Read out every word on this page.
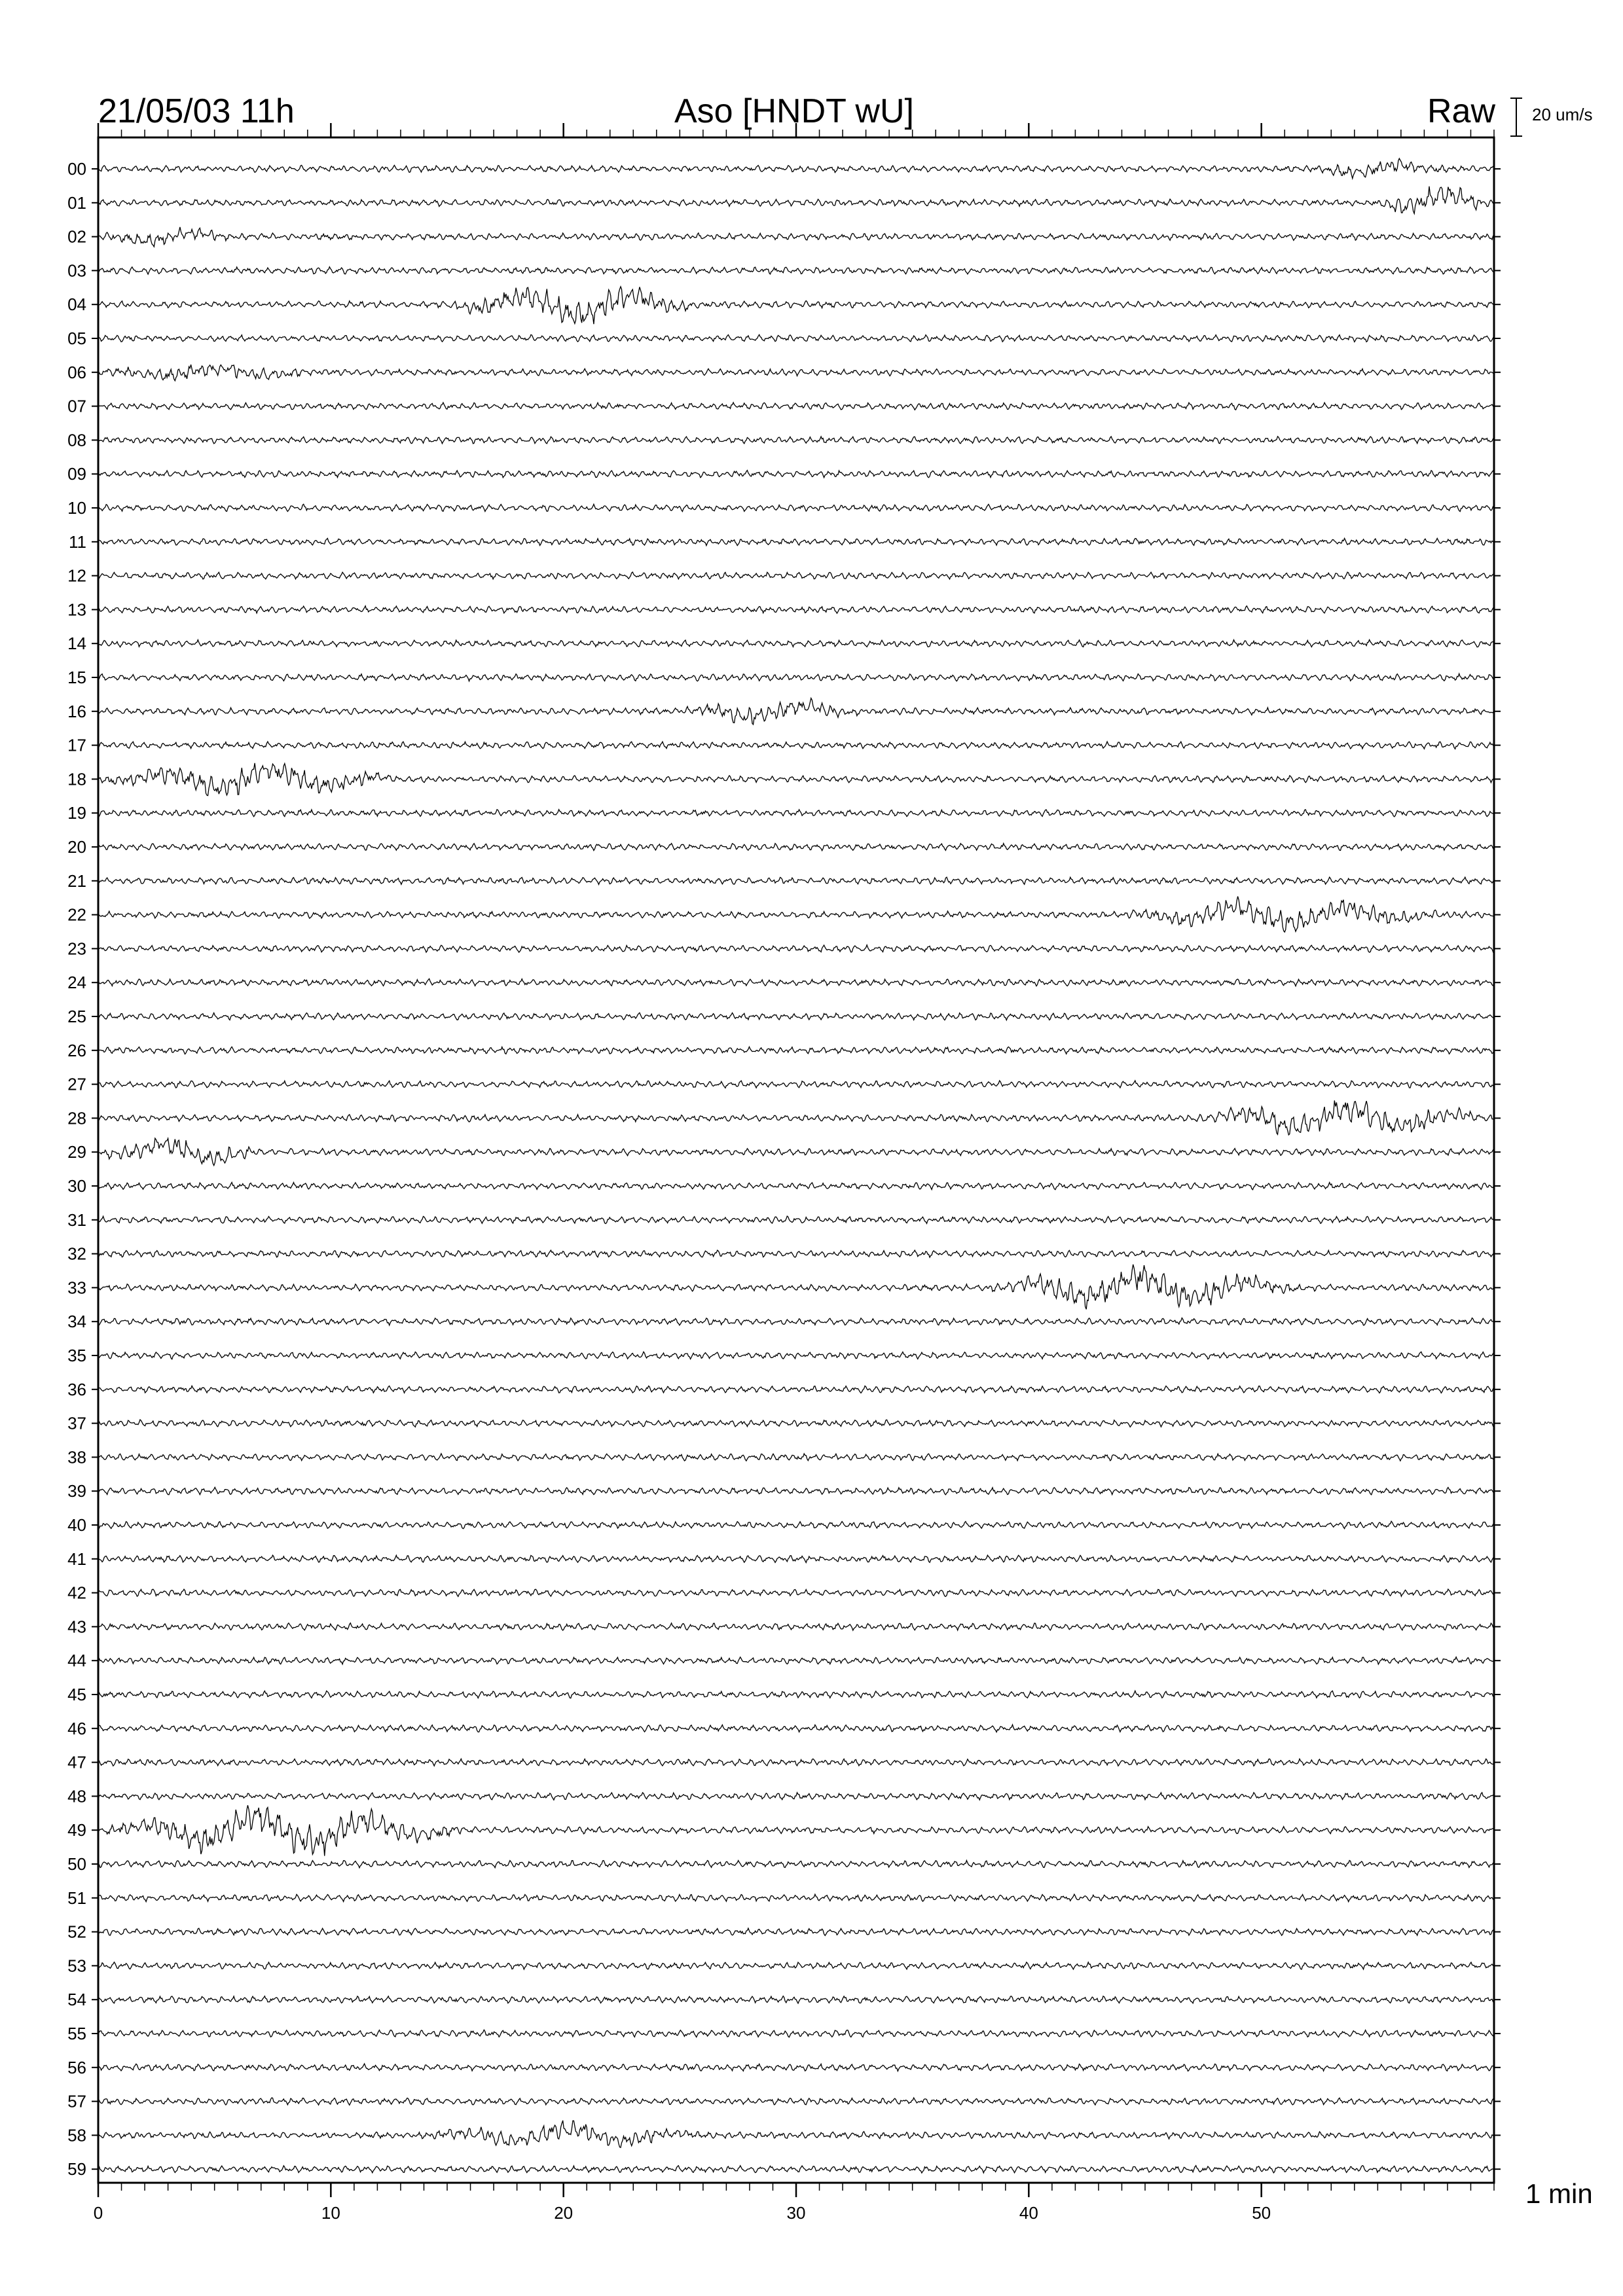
00
01
02
03
04
05
06
07
08
09
10
11
12
13
14
15
16
17
18
19
20
21
22
23
24
25
26
27
28
29
30
31
32
33
34
35
36
37
38
39
40
41
42
43
44
45
46
47
48
49
50
51
52
53
54
55
56
57
58
59
0	10	20	30	40	50
21/05/03 11h	Aso [HNDT wU]	Raw 20 um/s
1 min
